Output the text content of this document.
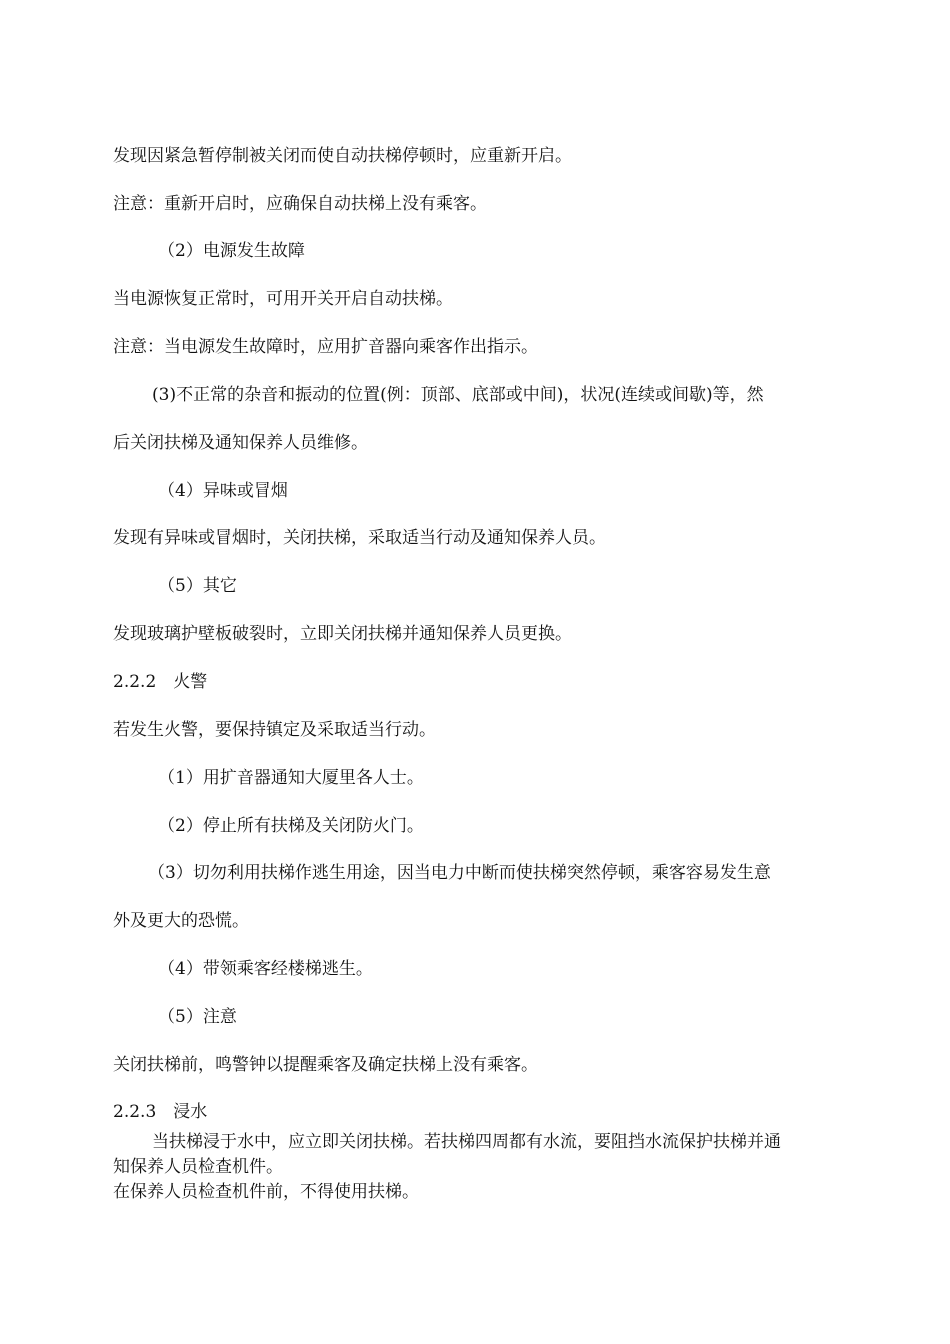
发现因紧急暂停制被关闭而使自动扶梯停顿时，应重新开启。
注意：重新开启时，应确保自动扶梯上没有乘客。
（2）电源发生故障
当电源恢复正常时，可用开关开启自动扶梯。
注意：当电源发生故障时，应用扩音器向乘客作出指示。
(3)不正常的杂音和振动的位置(例：顶部、底部或中间)，状况(连续或间歇)等，然
后关闭扶梯及通知保养人员维修。
（4）异味或冒烟
发现有异味或冒烟时，关闭扶梯，采取适当行动及通知保养人员。
（5）其它
发现玻璃护壁板破裂时，立即关闭扶梯并通知保养人员更换。
2.2.2　火警
若发生火警，要保持镇定及采取适当行动。
（1）用扩音器通知大厦里各人士。
（2）停止所有扶梯及关闭防火门。
（3）切勿利用扶梯作逃生用途，因当电力中断而使扶梯突然停顿，乘客容易发生意
外及更大的恐慌。
（4）带领乘客经楼梯逃生。
（5）注意
关闭扶梯前，鸣警钟以提醒乘客及确定扶梯上没有乘客。
2.2.3　浸水
当扶梯浸于水中，应立即关闭扶梯。若扶梯四周都有水流，要阻挡水流保护扶梯并通
知保养人员检查机件。
在保养人员检查机件前，不得使用扶梯。
